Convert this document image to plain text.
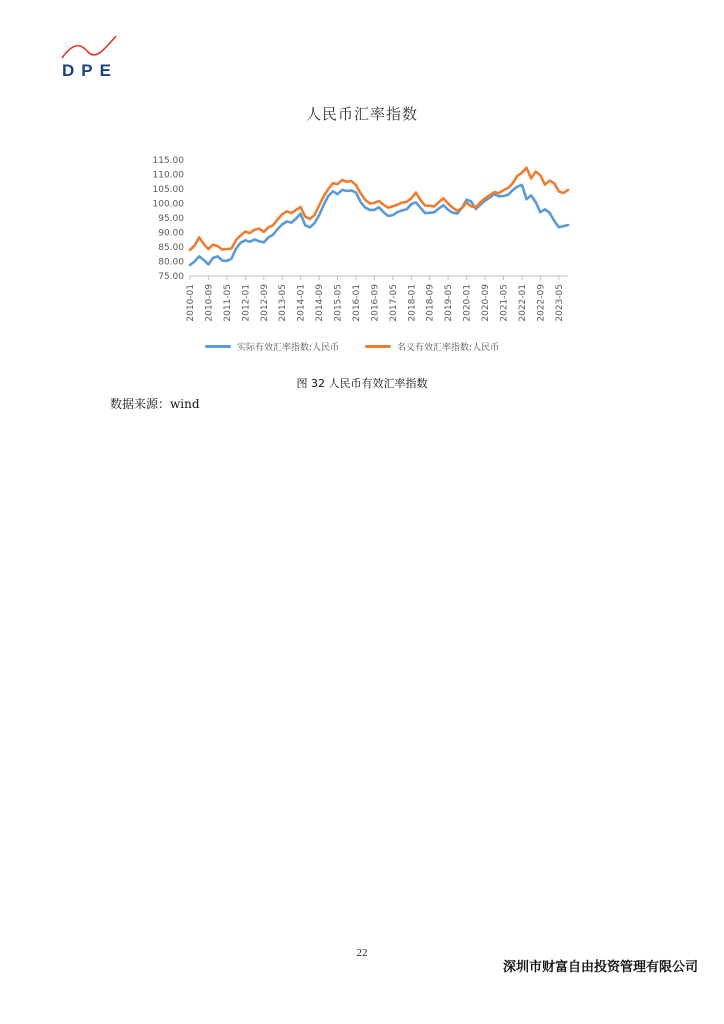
DPE
人民币汇率指数
75.00
80.00
85.00
90.00
95.00
100.00
105.00
110.00
115.00
2010-01 2010-09 2011-05 2012-01 2012-09 2013-05 2014-01 2014-09 2015-05 2016-01 2016-09 2017-05 2018-01 2018-09 2019-05 2020-01 2020-09 2021-05 2022-01 2022-09 2023-05
实际有效汇率指数:人民币	名义有效汇率指数:人民币
图 32 人民币有效汇率指数
数据来源：wind
22
深圳市财富自由投资管理有限公司
